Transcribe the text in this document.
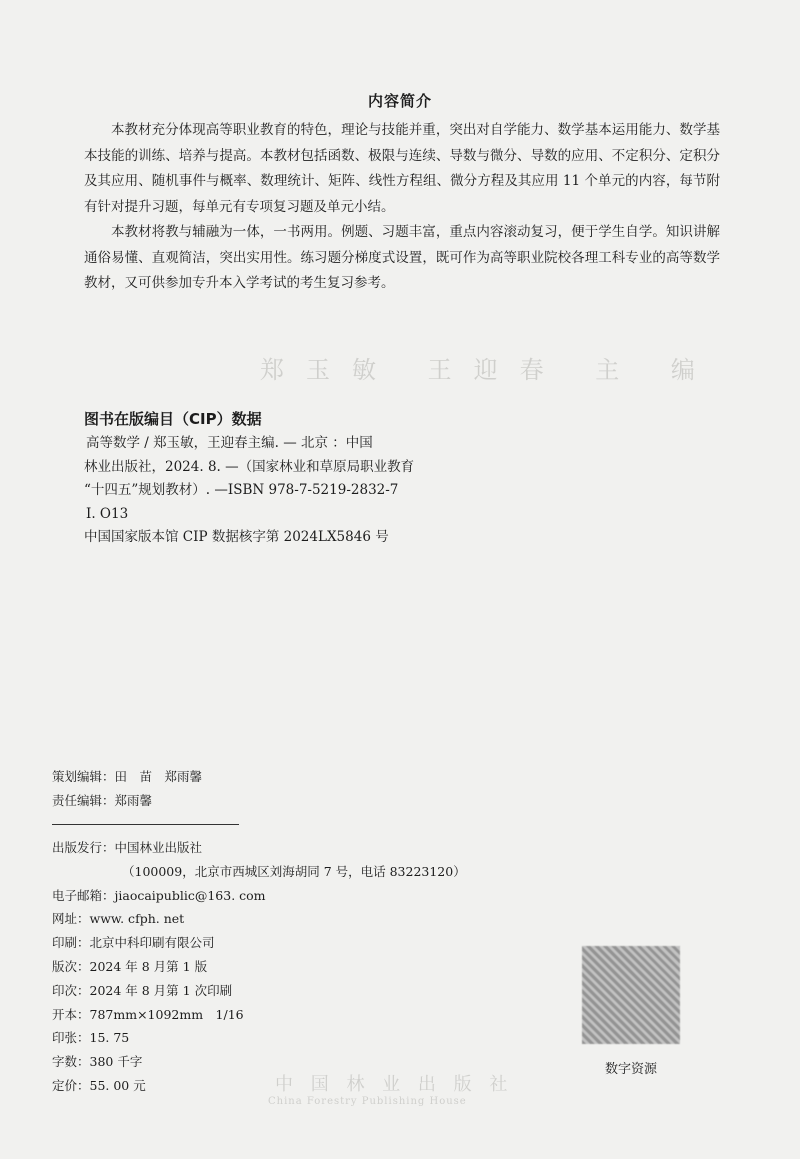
郑玉敏 王迎春 主 编
中 国 林 业 出 版 社
China Forestry Publishing House
内容简介

本教材充分体现高等职业教育的特色，理论与技能并重，突出对自学能力、数学基本运用能力、数学基本技能的训练、培养与提高。本教材包括函数、极限与连续、导数与微分、导数的应用、不定积分、定积分及其应用、随机事件与概率、数理统计、矩阵、线性方程组、微分方程及其应用 11 个单元的内容，每节附有针对提升习题，每单元有专项复习题及单元小结。

本教材将教与辅融为一体，一书两用。例题、习题丰富，重点内容滚动复习，便于学生自学。知识讲解通俗易懂、直观简洁，突出实用性。练习题分梯度式设置，既可作为高等职业院校各理工科专业的高等数学教材，又可供参加专升本入学考试的考生复习参考。

图书在版编目（CIP）数据
高等数学 / 郑玉敏，王迎春主编. — 北京 ：中国
林业出版社，2024. 8. —（国家林业和草原局职业教育
“十四五”规划教材）. —ISBN 978-7-5219-2832-7
Ⅰ. O13
中国国家版本馆 CIP 数据核字第 2024LX5846 号
策划编辑：田　苗　郑雨馨
责任编辑：郑雨馨
出版发行：中国林业出版社
（100009，北京市西城区刘海胡同 7 号，电话 83223120）
电子邮箱：jiaocaipublic@163. com
网址：www. cfph. net
印刷：北京中科印刷有限公司
版次：2024 年 8 月第 1 版
印次：2024 年 8 月第 1 次印刷
开本：787mm×1092mm　1/16
印张：15. 75
字数：380 千字
定价：55. 00 元
数字资源
